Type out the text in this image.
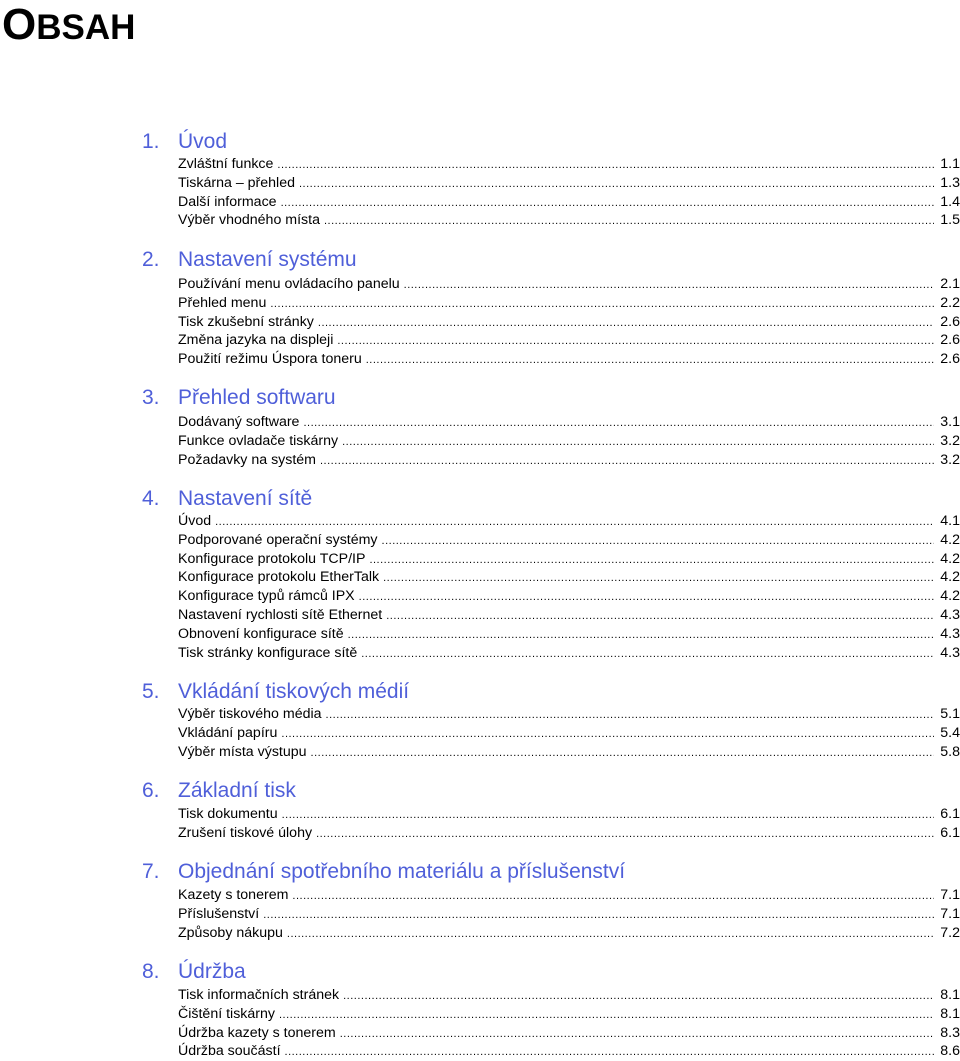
OBSAH
1. Úvod
Zvláštní funkce .....	1.1
Tiskárna – přehled .....	1.3
Další informace .....	1.4
Výběr vhodného místa .....	1.5
2. Nastavení systému
Používání menu ovládacího panelu .....	2.1
Přehled menu .....	2.2
Tisk zkušební stránky .....	2.6
Změna jazyka na displeji .....	2.6
Použití režimu Úspora toneru .....	2.6
3. Přehled softwaru
Dodávaný software .....	3.1
Funkce ovladače tiskárny .....	3.2
Požadavky na systém .....	3.2
4. Nastavení sítě
Úvod .....	4.1
Podporované operační systémy .....	4.2
Konfigurace protokolu TCP/IP .....	4.2
Konfigurace protokolu EtherTalk .....	4.2
Konfigurace typů rámců IPX .....	4.2
Nastavení rychlosti sítě Ethernet .....	4.3
Obnovení konfigurace sítě .....	4.3
Tisk stránky konfigurace sítě .....	4.3
5. Vkládání tiskových médií
Výběr tiskového média .....	5.1
Vkládání papíru .....	5.4
Výběr místa výstupu .....	5.8
6. Základní tisk
Tisk dokumentu .....	6.1
Zrušení tiskové úlohy .....	6.1
7. Objednání spotřebního materiálu a příslušenství
Kazety s tonerem .....	7.1
Příslušenství .....	7.1
Způsoby nákupu .....	7.2
8. Údržba
Tisk informačních stránek .....	8.1
Čištění tiskárny .....	8.1
Údržba kazety s tonerem .....	8.3
Údržba součástí .....	8.6
